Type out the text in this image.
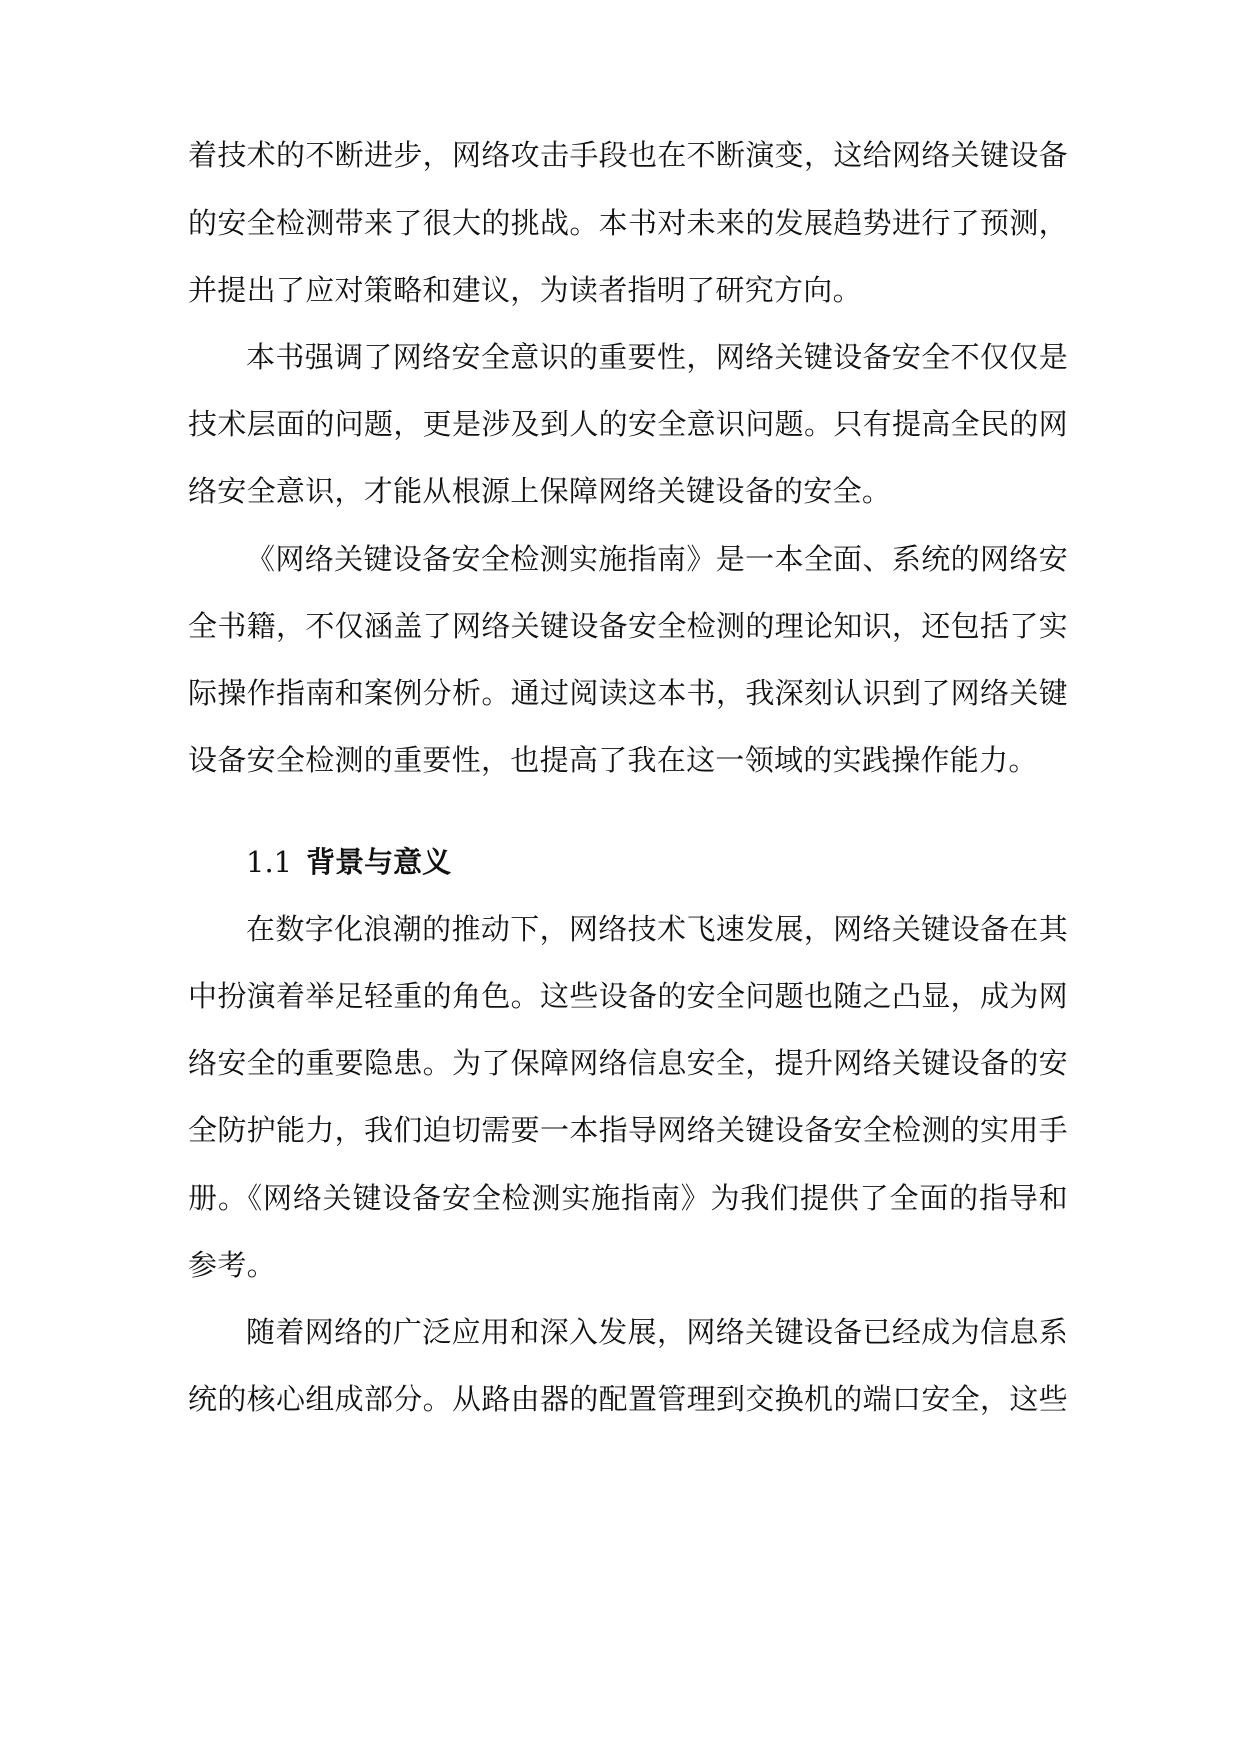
着技术的不断进步，网络攻击手段也在不断演变，这给网络关键设备
的安全检测带来了很大的挑战。本书对未来的发展趋势进行了预测，
并提出了应对策略和建议，为读者指明了研究方向。
本书强调了网络安全意识的重要性，网络关键设备安全不仅仅是
技术层面的问题，更是涉及到人的安全意识问题。只有提高全民的网
络安全意识，才能从根源上保障网络关键设备的安全。
《网络关键设备安全检测实施指南》是一本全面、系统的网络安
全书籍，不仅涵盖了网络关键设备安全检测的理论知识，还包括了实
际操作指南和案例分析。通过阅读这本书，我深刻认识到了网络关键
设备安全检测的重要性，也提高了我在这一领域的实践操作能力。
1.1 背景与意义
在数字化浪潮的推动下，网络技术飞速发展，网络关键设备在其
中扮演着举足轻重的角色。这些设备的安全问题也随之凸显，成为网
络安全的重要隐患。为了保障网络信息安全，提升网络关键设备的安
全防护能力，我们迫切需要一本指导网络关键设备安全检测的实用手
册。《网络关键设备安全检测实施指南》为我们提供了全面的指导和
参考。
随着网络的广泛应用和深入发展，网络关键设备已经成为信息系
统的核心组成部分。从路由器的配置管理到交换机的端口安全，这些
